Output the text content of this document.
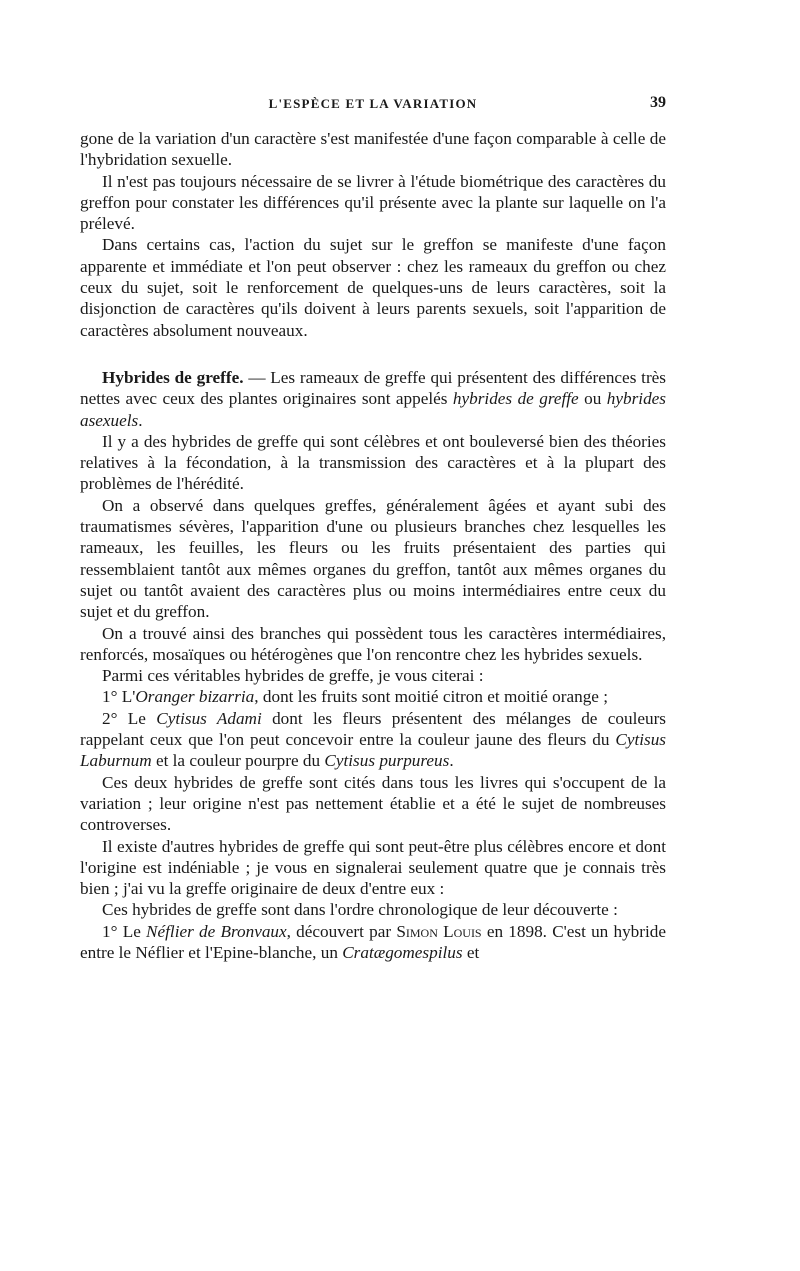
L'ESPÈCE ET LA VARIATION	39

gone de la variation d'un caractère s'est manifestée d'une façon comparable à celle de l'hybridation sexuelle.

Il n'est pas toujours nécessaire de se livrer à l'étude biométrique des caractères du greffon pour constater les différences qu'il présente avec la plante sur laquelle on l'a prélevé.

Dans certains cas, l'action du sujet sur le greffon se manifeste d'une façon apparente et immédiate et l'on peut observer : chez les rameaux du greffon ou chez ceux du sujet, soit le renforcement de quelques-uns de leurs caractères, soit la disjonction de caractères qu'ils doivent à leurs parents sexuels, soit l'apparition de caractères absolument nouveaux.

Hybrides de greffe. — Les rameaux de greffe qui présentent des différences très nettes avec ceux des plantes originaires sont appelés hybrides de greffe ou hybrides asexuels.

Il y a des hybrides de greffe qui sont célèbres et ont bouleversé bien des théories relatives à la fécondation, à la transmission des caractères et à la plupart des problèmes de l'hérédité.

On a observé dans quelques greffes, généralement âgées et ayant subi des traumatismes sévères, l'apparition d'une ou plusieurs branches chez lesquelles les rameaux, les feuilles, les fleurs ou les fruits présentaient des parties qui ressemblaient tantôt aux mêmes organes du greffon, tantôt aux mêmes organes du sujet ou tantôt avaient des caractères plus ou moins intermédiaires entre ceux du sujet et du greffon.

On a trouvé ainsi des branches qui possèdent tous les caractères intermédiaires, renforcés, mosaïques ou hétérogènes que l'on rencontre chez les hybrides sexuels.

Parmi ces véritables hybrides de greffe, je vous citerai :

1° L'Oranger bizarria, dont les fruits sont moitié citron et moitié orange ;

2° Le Cytisus Adami dont les fleurs présentent des mélanges de couleurs rappelant ceux que l'on peut concevoir entre la couleur jaune des fleurs du Cytisus Laburnum et la couleur pourpre du Cytisus purpureus.

Ces deux hybrides de greffe sont cités dans tous les livres qui s'occupent de la variation ; leur origine n'est pas nettement établie et a été le sujet de nombreuses controverses.

Il existe d'autres hybrides de greffe qui sont peut-être plus célèbres encore et dont l'origine est indéniable ; je vous en signalerai seulement quatre que je connais très bien ; j'ai vu la greffe originaire de deux d'entre eux :

Ces hybrides de greffe sont dans l'ordre chronologique de leur découverte :

1° Le Néflier de Bronvaux, découvert par Simon Louis en 1898. C'est un hybride entre le Néflier et l'Epine-blanche, un Cratægomespilus et
